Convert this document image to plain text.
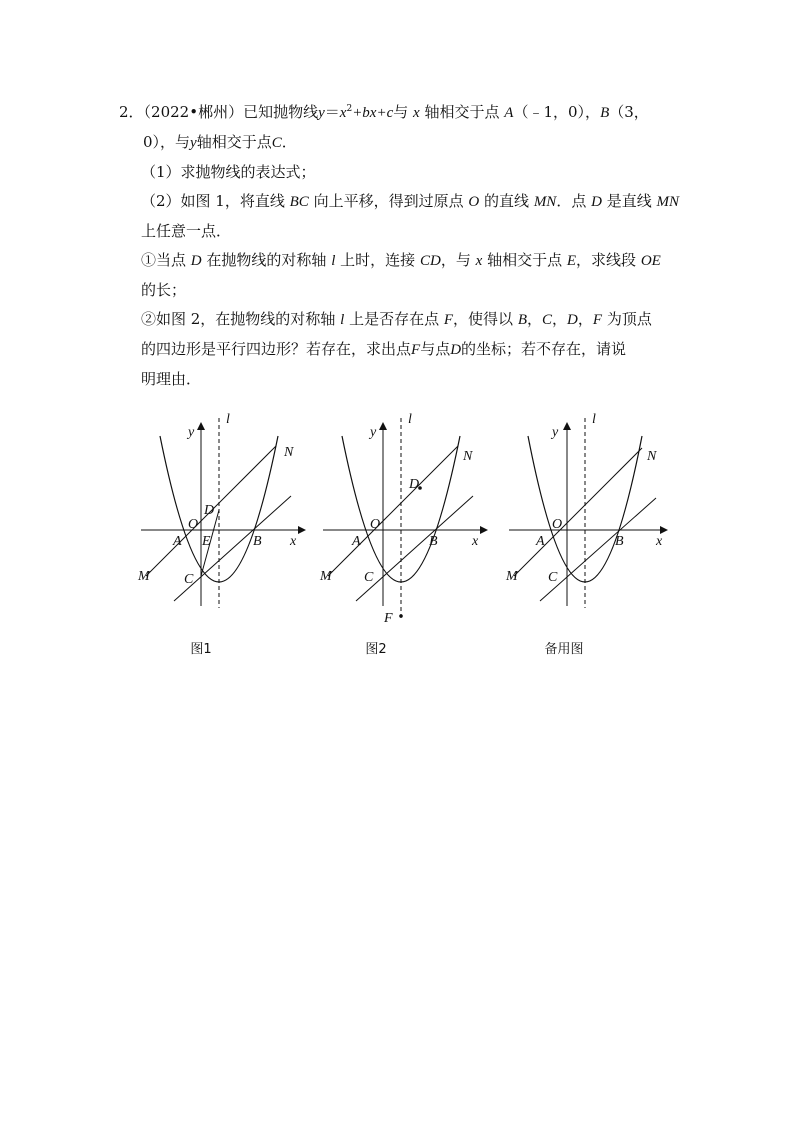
2．（2022•郴州）已知抛物线$y=x^2+bx+c$与 x 轴相交于点 A（﹣1，0），B（3，
0），与y轴相交于点C．
（1）求抛物线的表达式；
（2）如图 1，将直线 BC 向上平移，得到过原点 O 的直线 MN．点 D 是直线 MN
上任意一点．
①当点 D 在抛物线的对称轴 l 上时，连接 CD，与 x 轴相交于点 E，求线段 OE
的长；
②如图 2，在抛物线的对称轴 l 上是否存在点 F，使得以 B，C，D，F 为顶点
的四边形是平行四边形？若存在，求出点F与点D的坐标；若不存在，请说
明理由．
y
x
l
N
M
O
A E	B
C
D
图1
y
x
l
N
M
O
A	B
C
D
F
图2
y
x
l
N
M
O
A	B
C
备用图
